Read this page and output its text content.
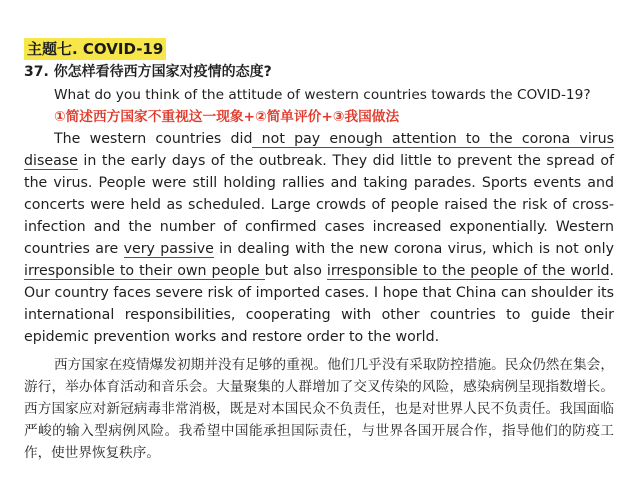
主题七. COVID-19
37. 你怎样看待西方国家对疫情的态度?
What do you think of the attitude of western countries towards the COVID-19?
①简述西方国家不重视这一现象+②简单评价+③我国做法

The western countries did not pay enough attention to the corona virus disease in the early days of the outbreak. They did little to prevent the spread of the virus. People were still holding rallies and taking parades. Sports events and concerts were held as scheduled. Large crowds of people raised the risk of cross-infection and the number of confirmed cases increased exponentially. Western countries are very passive in dealing with the new corona virus, which is not only irresponsible to their own people but also irresponsible to the people of the world. Our country faces severe risk of imported cases. I hope that China can shoulder its international responsibilities, cooperating with other countries to guide their epidemic prevention works and restore order to the world.

西方国家在疫情爆发初期并没有足够的重视。他们几乎没有采取防控措施。民众仍然在集会，游行，举办体育活动和音乐会。大量聚集的人群增加了交叉传染的风险，感染病例呈现指数增长。西方国家应对新冠病毒非常消极，既是对本国民众不负责任，也是对世界人民不负责任。我国面临严峻的输入型病例风险。我希望中国能承担国际责任，与世界各国开展合作，指导他们的防疫工作，使世界恢复秩序。
